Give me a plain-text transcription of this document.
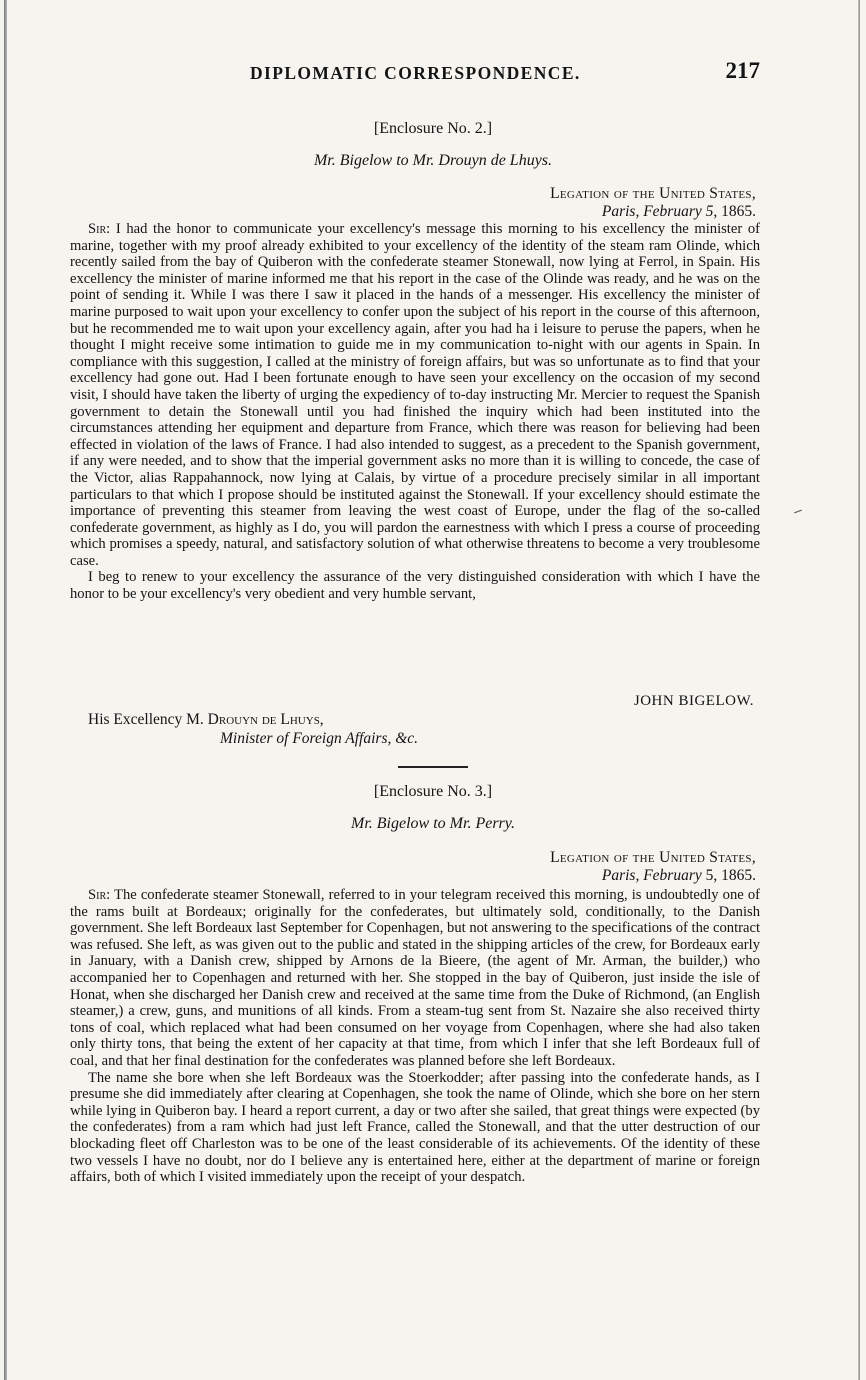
DIPLOMATIC CORRESPONDENCE.	217
[Enclosure No. 2.]
Mr. Bigelow to Mr. Drouyn de Lhuys.
Legation of the United States,
Paris, February 5, 1865.

Sir: I had the honor to communicate your excellency's message this morning to his excellency the minister of marine, together with my proof already exhibited to your excellency of the identity of the steam ram Olinde, which recently sailed from the bay of Quiberon with the confederate steamer Stonewall, now lying at Ferrol, in Spain. His excellency the minister of marine informed me that his report in the case of the Olinde was ready, and he was on the point of sending it. While I was there I saw it placed in the hands of a messenger. His excellency the minister of marine purposed to wait upon your excellency to confer upon the subject of his report in the course of this afternoon, but he recommended me to wait upon your excellency again, after you had ha i leisure to peruse the papers, when he thought I might receive some intimation to guide me in my communication to-night with our agents in Spain. In compliance with this suggestion, I called at the ministry of foreign affairs, but was so unfortunate as to find that your excellency had gone out. Had I been fortunate enough to have seen your excellency on the occasion of my second visit, I should have taken the liberty of urging the expediency of to-day instructing Mr. Mercier to request the Spanish government to detain the Stonewall until you had finished the inquiry which had been instituted into the circumstances attending her equipment and departure from France, which there was reason for believing had been effected in violation of the laws of France. I had also intended to suggest, as a precedent to the Spanish government, if any were needed, and to show that the imperial government asks no more than it is willing to concede, the case of the Victor, alias Rappahannock, now lying at Calais, by virtue of a procedure precisely similar in all important particulars to that which I propose should be instituted against the Stonewall. If your excellency should estimate the importance of preventing this steamer from leaving the west coast of Europe, under the flag of the so-called confederate government, as highly as I do, you will pardon the earnestness with which I press a course of proceeding which promises a speedy, natural, and satisfactory solution of what otherwise threatens to become a very troublesome case.

I beg to renew to your excellency the assurance of the very distinguished consideration with which I have the honor to be your excellency's very obedient and very humble servant,

JOHN BIGELOW.
His Excellency M. Drouyn de Lhuys,
Minister of Foreign Affairs, &c.
[Enclosure No. 3.]
Mr. Bigelow to Mr. Perry.
Legation of the United States,
Paris, February 5, 1865.

Sir: The confederate steamer Stonewall, referred to in your telegram received this morning, is undoubtedly one of the rams built at Bordeaux; originally for the confederates, but ultimately sold, conditionally, to the Danish government. She left Bordeaux last September for Copenhagen, but not answering to the specifications of the contract was refused. She left, as was given out to the public and stated in the shipping articles of the crew, for Bordeaux early in January, with a Danish crew, shipped by Arnons de la Bieere, (the agent of Mr. Arman, the builder,) who accompanied her to Copenhagen and returned with her. She stopped in the bay of Quiberon, just inside the isle of Honat, when she discharged her Danish crew and received at the same time from the Duke of Richmond, (an English steamer,) a crew, guns, and munitions of all kinds. From a steam-tug sent from St. Nazaire she also received thirty tons of coal, which replaced what had been consumed on her voyage from Copenhagen, where she had also taken only thirty tons, that being the extent of her capacity at that time, from which I infer that she left Bordeaux full of coal, and that her final destination for the confederates was planned before she left Bordeaux.

The name she bore when she left Bordeaux was the Stoerkodder; after passing into the confederate hands, as I presume she did immediately after clearing at Copenhagen, she took the name of Olinde, which she bore on her stern while lying in Quiberon bay. I heard a report current, a day or two after she sailed, that great things were expected (by the confederates) from a ram which had just left France, called the Stonewall, and that the utter destruction of our blockading fleet off Charleston was to be one of the least considerable of its achievements. Of the identity of these two vessels I have no doubt, nor do I believe any is entertained here, either at the department of marine or foreign affairs, both of which I visited immediately upon the receipt of your despatch.
